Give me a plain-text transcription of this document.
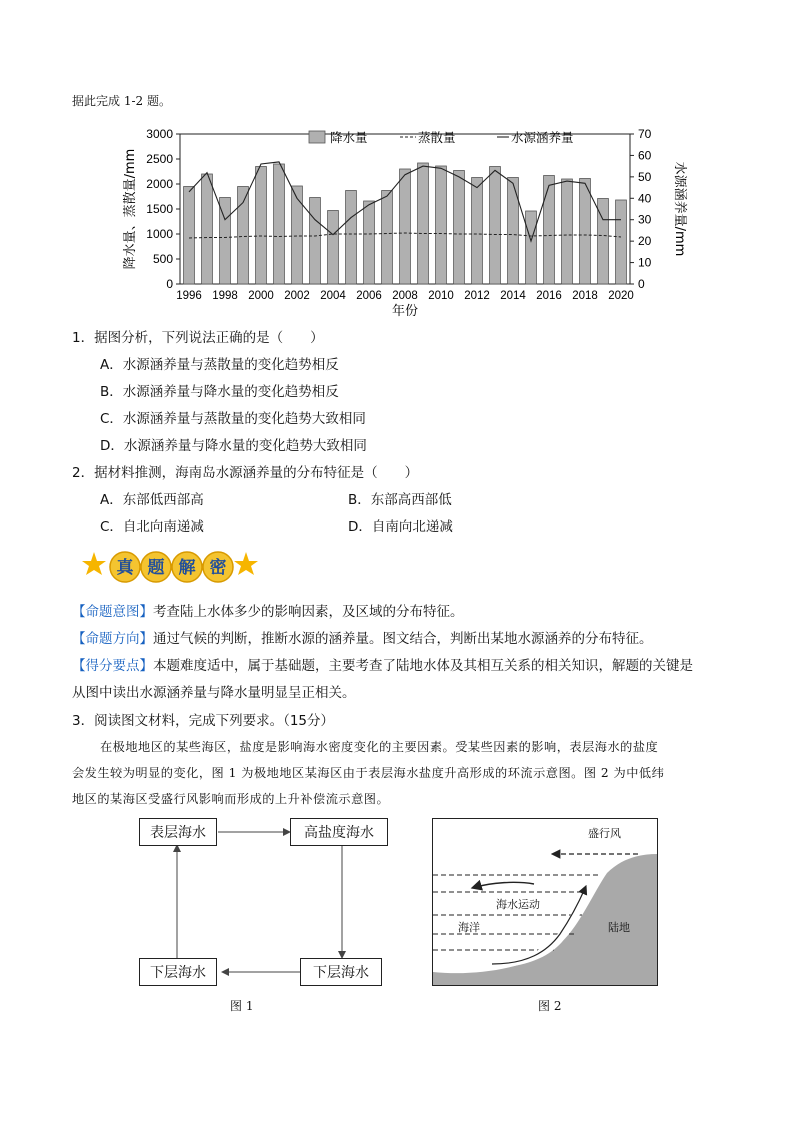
据此完成 1-2 题。
0
500
1000
1500
2000
2500
3000
0
10
20
30
40
50
60
70
1996 1998 2000 2002 2004 2006 2008 2010 2012 2014 2016 2018 2020
年份
降水量、蒸散量/mm	水源涵养量/mm
降水量	蒸散量	水源涵养量
1．据图分析，下列说法正确的是（　　）
A．水源涵养量与蒸散量的变化趋势相反
B．水源涵养量与降水量的变化趋势相反
C．水源涵养量与蒸散量的变化趋势大致相同
D．水源涵养量与降水量的变化趋势大致相同
2．据材料推测，海南岛水源涵养量的分布特征是（　　）
A．东部低西部高	B．东部高西部低
C．自北向南递减	D．自南向北递减
真 题 解 密
【命题意图】考查陆上水体多少的影响因素，及区域的分布特征。
【命题方向】通过气候的判断，推断水源的涵养量。图文结合，判断出某地水源涵养的分布特征。
【得分要点】本题难度适中，属于基础题，主要考查了陆地水体及其相互关系的相关知识，解题的关键是
从图中读出水源涵养量与降水量明显呈正相关。
3．阅读图文材料，完成下列要求。（15分）
在极地地区的某些海区，盐度是影响海水密度变化的主要因素。受某些因素的影响，表层海水的盐度
会发生较为明显的变化，图 1 为极地地区某海区由于表层海水盐度升高形成的环流示意图。图 2 为中低纬
地区的某海区受盛行风影响而形成的上升补偿流示意图。
表层海水	高盐度海水
下层海水
下层海水
图 1
盛行风
海水运动
海洋	陆地
图 2
